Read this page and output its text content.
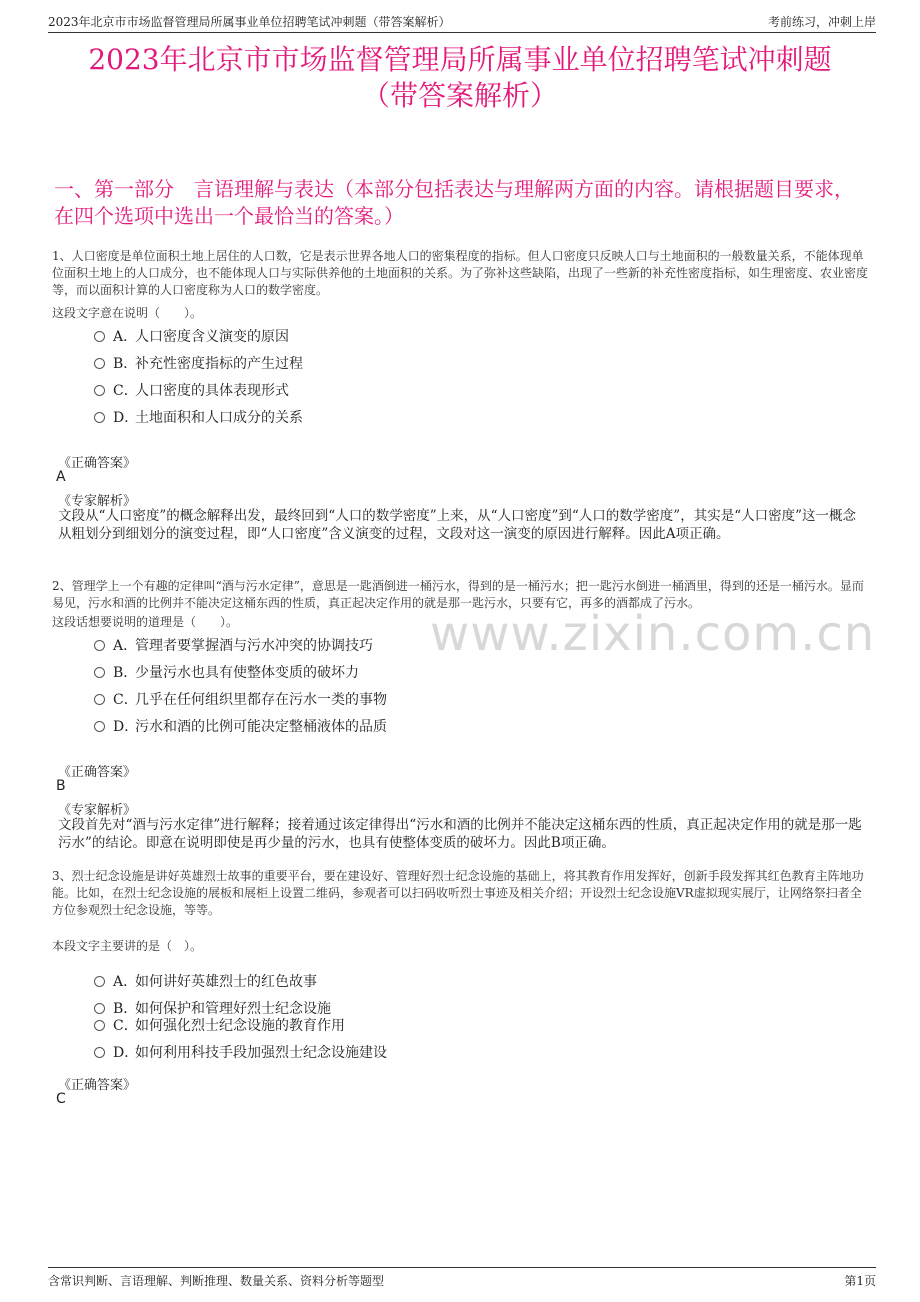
2023年北京市市场监督管理局所属事业单位招聘笔试冲刺题（带答案解析）	考前练习，冲刺上岸
2023年北京市市场监督管理局所属事业单位招聘笔试冲刺题
（带答案解析）
一、第一部分　言语理解与表达（本部分包括表达与理解两方面的内容。请根据题目要求，在四个选项中选出一个最恰当的答案。）
www.zixin.com.cn
1、人口密度是单位面积土地上居住的人口数，它是表示世界各地人口的密集程度的指标。但人口密度只反映人口与土地面积的一般数量关系，不能体现单位面积土地上的人口成分，也不能体现人口与实际供养他的土地面积的关系。为了弥补这些缺陷，出现了一些新的补充性密度指标，如生理密度、农业密度等，而以面积计算的人口密度称为人口的数学密度。
这段文字意在说明（　　）。
A．人口密度含义演变的原因
B．补充性密度指标的产生过程
C．人口密度的具体表现形式
D．土地面积和人口成分的关系
《正确答案》
A
《专家解析》
文段从“人口密度”的概念解释出发，最终回到“人口的数学密度”上来，从“人口密度”到“人口的数学密度”，其实是“人口密度”这一概念从粗划分到细划分的演变过程，即“人口密度”含义演变的过程，文段对这一演变的原因进行解释。因此A项正确。
2、管理学上一个有趣的定律叫“酒与污水定律”，意思是一匙酒倒进一桶污水，得到的是一桶污水；把一匙污水倒进一桶酒里，得到的还是一桶污水。显而易见，污水和酒的比例并不能决定这桶东西的性质，真正起决定作用的就是那一匙污水，只要有它，再多的酒都成了污水。
这段话想要说明的道理是（　　）。
A．管理者要掌握酒与污水冲突的协调技巧
B．少量污水也具有使整体变质的破坏力
C．几乎在任何组织里都存在污水一类的事物
D．污水和酒的比例可能决定整桶液体的品质
《正确答案》
B
《专家解析》
文段首先对“酒与污水定律”进行解释；接着通过该定律得出“污水和酒的比例并不能决定这桶东西的性质，真正起决定作用的就是那一匙污水”的结论。即意在说明即使是再少量的污水，也具有使整体变质的破坏力。因此B项正确。
3、烈士纪念设施是讲好英雄烈士故事的重要平台，要在建设好、管理好烈士纪念设施的基础上，将其教育作用发挥好，创新手段发挥其红色教育主阵地功能。比如，在烈士纪念设施的展板和展柜上设置二维码，参观者可以扫码收听烈士事迹及相关介绍；开设烈士纪念设施VR虚拟现实展厅，让网络祭扫者全方位参观烈士纪念设施，等等。
本段文字主要讲的是（　）。
A．如何讲好英雄烈士的红色故事
B．如何保护和管理好烈士纪念设施
C．如何强化烈士纪念设施的教育作用
D．如何利用科技手段加强烈士纪念设施建设
《正确答案》
C
含常识判断、言语理解、判断推理、数量关系、资料分析等题型	第1页
